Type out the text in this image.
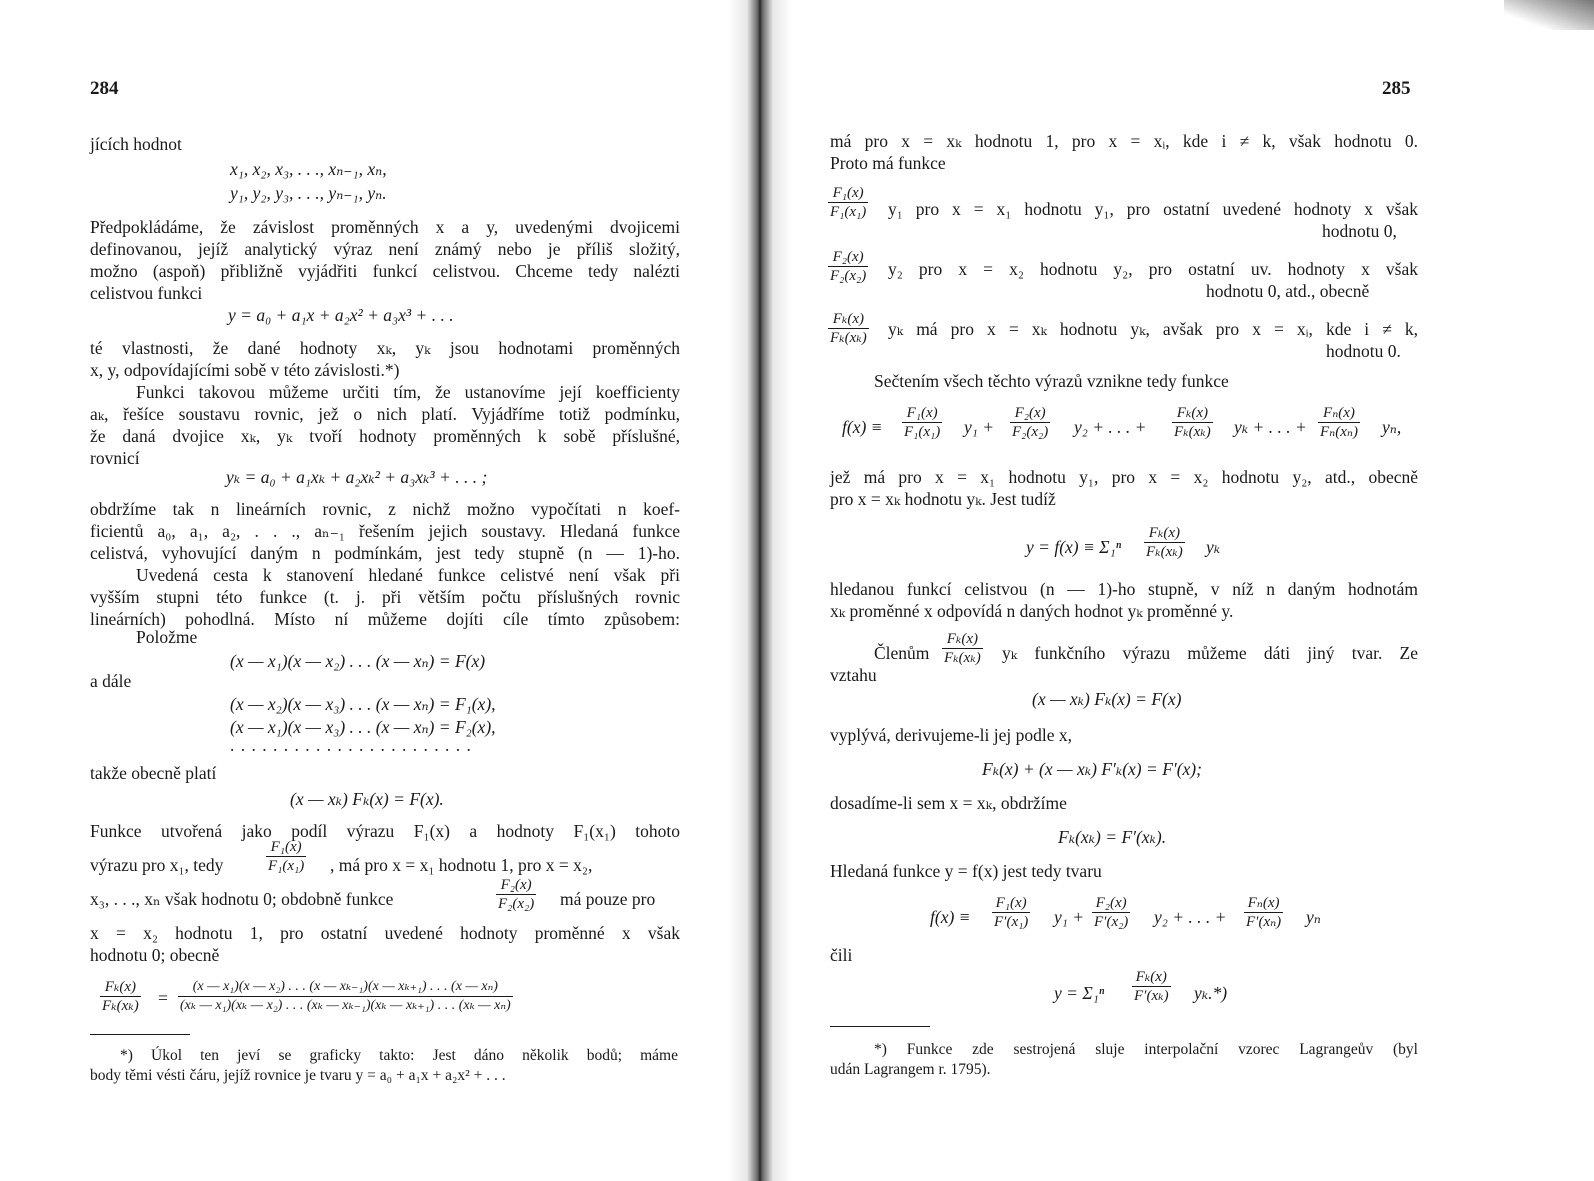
284
jících hodnot
x₁, x₂, x₃, . . ., xₙ₋₁, xₙ,
y₁, y₂, y₃, . . ., yₙ₋₁, yₙ.
Předpokládáme, že závislost proměnných x a y, uvedenými dvojicemi
definovanou, jejíž analytický výraz není známý nebo je příliš složitý,
možno (aspoň) přibližně vyjádřiti funkcí celistvou. Chceme tedy nalézti
celistvou funkci
y = a₀ + a₁x + a₂x² + a₃x³ + . . .
té vlastnosti, že dané hodnoty xₖ, yₖ jsou hodnotami proměnných
x, y, odpovídajícími sobě v této závislosti.*)
Funkci takovou můžeme určiti tím, že ustanovíme její koefficienty
aₖ, řešíce soustavu rovnic, jež o nich platí. Vyjádříme totiž podmínku,
že daná dvojice xₖ, yₖ tvoří hodnoty proměnných k sobě příslušné,
rovnicí
yₖ = a₀ + a₁xₖ + a₂xₖ² + a₃xₖ³ + . . . ;
obdržíme tak n lineárních rovnic, z nichž možno vypočítati n koef-
ficientů a₀, a₁, a₂, . . ., aₙ₋₁ řešením jejich soustavy. Hledaná funkce
celistvá, vyhovující daným n podmínkám, jest tedy stupně (n — 1)-ho.
Uvedená cesta k stanovení hledané funkce celistvé není však při
vyšším stupni této funkce (t. j. při větším počtu příslušných rovnic
lineárních) pohodlná. Místo ní můžeme dojíti cíle tímto způsobem:
Položme
(x — x₁)(x — x₂) . . . (x — xₙ) = F(x)
a dále
(x — x₂)(x — x₃) . . . (x — xₙ) = F₁(x),
(x — x₁)(x — x₃) . . . (x — xₙ) = F₂(x),
. . . . . . . . . . . . . . . . . . . . . . .
takže obecně platí
(x — xₖ) Fₖ(x) = F(x).
Funkce utvořená jako podíl výrazu F₁(x) a hodnoty F₁(x₁) tohoto
výrazu pro x₁, tedy	$\frac{\text{F₁(x)}}{\text{F₁(x₁)}}$ , má pro x = x₁ hodnotu 1, pro x = x₂,
x₃, . . ., xₙ však hodnotu 0; obdobně funkce	$\frac{\text{F₂(x)}}{\text{F₂(x₂)}}$ má pouze pro
x = x₂ hodnotu 1, pro ostatní uvedené hodnoty proměnné x však
hodnotu 0; obecně
$\frac{\text{Fₖ(x)}}{\text{Fₖ(xₖ)}}$ =
(x — x₁)(x — x₂) . . . (x — xₖ₋₁)(x — xₖ₊₁) . . . (x — xₙ)
(xₖ — x₁)(xₖ — x₂) . . . (xₖ — xₖ₋₁)(xₖ — xₖ₊₁) . . . (xₖ — xₙ)
*) Úkol ten jeví se graficky takto: Jest dáno několik bodů; máme
body těmi vésti čáru, jejíž rovnice je tvaru y = a₀ + a₁x + a₂x² + . . .
285
má pro x = xₖ hodnotu 1, pro x = xᵢ, kde i ≠ k, však hodnotu 0.
Proto má funkce
$\frac{\text{F₁(x)}}{\text{F₁(x₁)}} y_1$ pro x = x₁ hodnotu y₁, pro ostatní uvedené hodnoty x však
hodnotu 0,
$\frac{\text{F₂(x)}}{\text{F₂(x₂)}} y_2$ pro x = x₂ hodnotu y₂, pro ostatní uv. hodnoty x však
hodnotu 0, atd., obecně
$\frac{\text{Fₖ(x)}}{\text{Fₖ(xₖ)}}$ yₖ má pro x = xₖ hodnotu yₖ, avšak pro x = xᵢ, kde i ≠ k,
hodnotu 0.
Sečtením všech těchto výrazů vznikne tedy funkce
$f(x) \equiv \frac{\text{F₁(x)}}{\text{F₁(x₁)}} y_1 + \frac{\text{F₂(x)}}{\text{F₂(x₂)}} y_2$ + . . . + $\frac{\text{Fₖ(x)}}{\text{Fₖ(xₖ)}}$ yₖ + . . . + $\frac{\text{Fₙ(x)}}{\text{Fₙ(xₙ)}} y_n$,
jež má pro x = x₁ hodnotu y₁, pro x = x₂ hodnotu y₂, atd., obecně
pro x = xₖ hodnotu yₖ. Jest tudíž
$y = f(x) \equiv \Sigma_1^n \frac{\text{Fₖ(x)}}{\text{Fₖ(xₖ)}}$ yₖ
hledanou funkcí celistvou (n — 1)-ho stupně, v níž n daným hodnotám
xₖ proměnné x odpovídá n daných hodnot yₖ proměnné y.
Členům $\frac{\text{Fₖ(x)}}{\text{Fₖ(xₖ)}}$ yₖ funkčního výrazu můžeme dáti jiný tvar. Ze
vztahu
(x — xₖ) Fₖ(x) = F(x)
vyplývá, derivujeme-li jej podle x,
Fₖ(x) + (x — xₖ) F′ₖ(x) = F′(x);
dosadíme-li sem x = xₖ, obdržíme
Fₖ(xₖ) = F′(xₖ).
Hledaná funkce y = f(x) jest tedy tvaru
$f(x) \equiv \frac{\text{F₁(x)}}{\text{F′(x₁)}} y_1 + \frac{\text{F₂(x)}}{\text{F′(x₂)}} y_2$ + . . . + $\frac{\text{Fₙ(x)}}{\text{F′(xₙ)}}$ yₙ
čili
$y = \Sigma_1^n \frac{\text{Fₖ(x)}}{\text{F′(xₖ)}} y_k.*$)
*) Funkce zde sestrojená sluje interpolační vzorec Lagrangeův (byl
udán Lagrangem r. 1795).
